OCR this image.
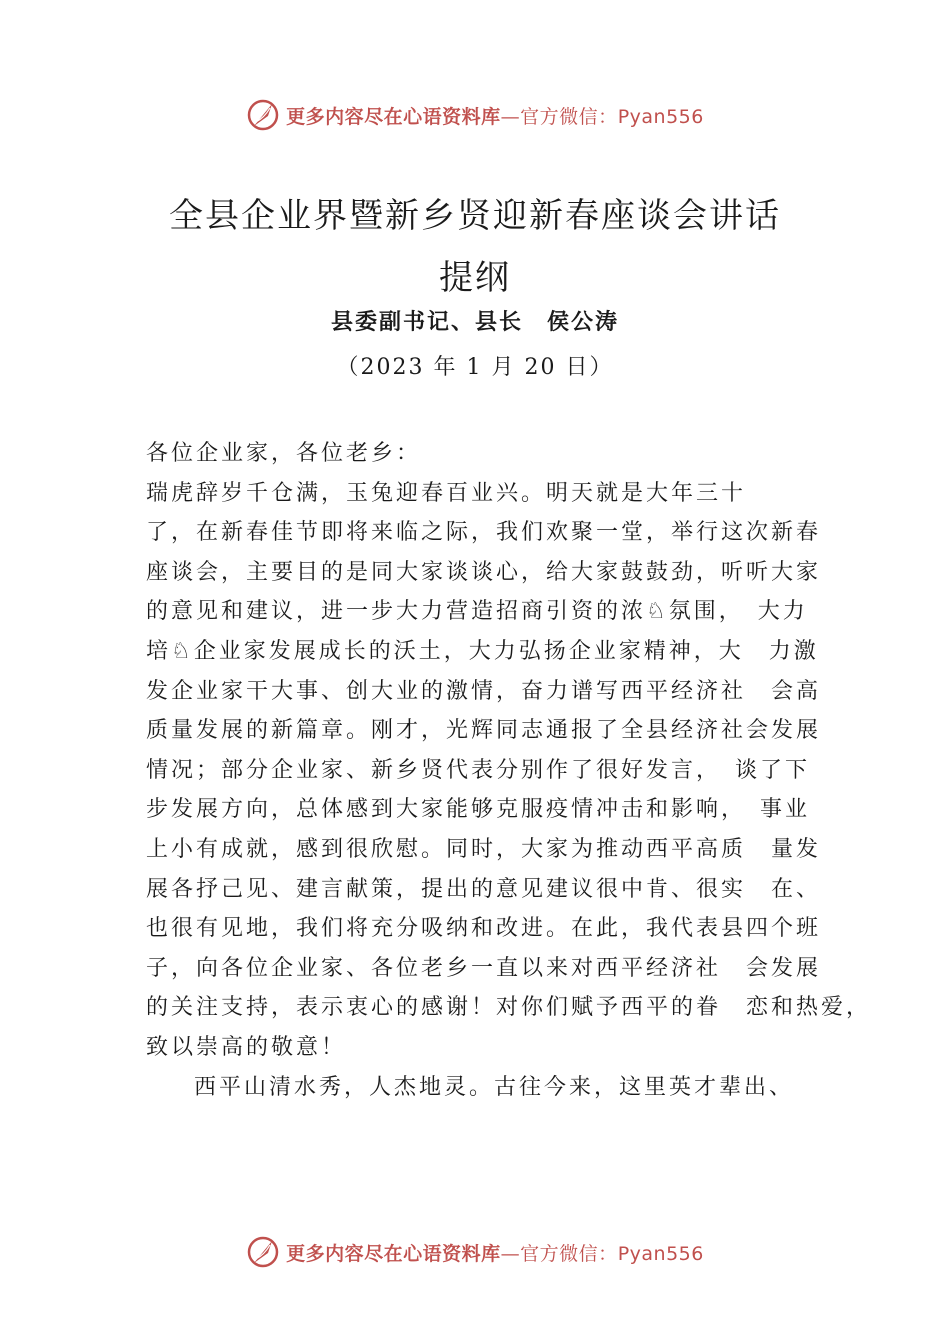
更多内容尽在心语资料库—官方微信：Pyan556
全县企业界暨新乡贤迎新春座谈会讲话
提纲
县委副书记、县长　侯公涛
（2023 年 1 月 20 日）

各位企业家，各位老乡：

瑞虎辞岁千仓满，玉兔迎春百业兴。明天就是大年三十

了，在新春佳节即将来临之际，我们欢聚一堂，举行这次新春
座谈会，主要目的是同大家谈谈心，给大家鼓鼓劲，听听大家
的意见和建议，进一步大力营造招商引资的浓♘氛围，　大力
培♘企业家发展成长的沃土，大力弘扬企业家精神，大　力激
发企业家干大事、创大业的激情，奋力谱写西平经济社　会高
质量发展的新篇章。刚才，光辉同志通报了全县经济社会发展
情况；部分企业家、新乡贤代表分别作了很好发言，　谈了下
步发展方向，总体感到大家能够克服疫情冲击和影响，　事业
上小有成就，感到很欣慰。同时，大家为推动西平高质　量发
展各抒己见、建言献策，提出的意见建议很中肯、很实　在、
也很有见地，我们将充分吸纳和改进。在此，我代表县四个班
子，向各位企业家、各位老乡一直以来对西平经济社　会发展
的关注支持，表示衷心的感谢！对你们赋予西平的眷　恋和热爱，
致以崇高的敬意！

西平山清水秀，人杰地灵。古往今来，这里英才辈出、

更多内容尽在心语资料库—官方微信：Pyan556
